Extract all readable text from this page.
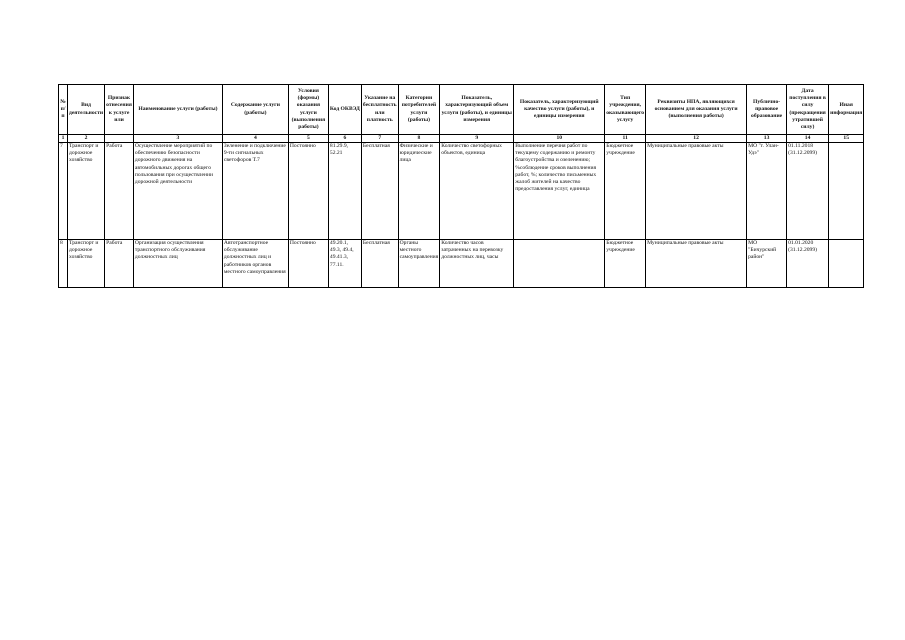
№ п/п	Вид деятельности	Признак отнесения к услуге или	Наименование услуги (работы)	Содержание услуги (работы)	Условия (формы) оказания услуги (выполнения работы)	Код ОКВЭД	Указание на бесплатность или платность	Категории потребителей услуги (работы)	Показатель, характеризующий объем услуги (работы), и единицы измерения	Показатель, характеризующий качество услуги (работы), и единицы измерения	Тип учреждения, оказывающего услугу	Реквизиты НПА, являющихся основанием для оказания услуги (выполнения работы)	Публично-правовое образование	Дата поступления в силу (прекращения утратившей силу)	Иная информация
1	2		3	4	5	6	7	8	9	10	11	12	13	14	15
7	Транспорт и дорожное хозяйство	Работа	Осуществление мероприятий по обеспечению безопасности дорожного движения на автомобильных дорогах общего пользования при осуществлении дорожной деятельности	Зеленение и подключение 9-ти сигнальных светофоров Т.7	Постоянно	81.29.9, 52.21	Бесплатная	Физические и юридические лица	Количество светофорных объектов, единица	Выполнение перечня работ по текущему содержанию и ремонту благоустройства и озеленению; %соблюдение сроков выполнения работ, %; количество письменных жалоб жителей на качество предоставления услуг, единица	Бюджетное учреждение	Муниципальные правовые акты	МО "г. Улан-Удэ"	01.11.2018 (31.12.2099)	
8	Транспорт и дорожное хозяйство	Работа	Организация осуществления транспортного обслуживания должностных лиц	Автотранспортное обслуживание должностных лиц и работников органов местного самоуправления	Постоянно	49.20.1, 49.3, 49.4, 49.41.3, 77.11.	Бесплатная	Органы местного самоуправления	Количество часов затраченных на перевозку должностных лиц, часы		Бюджетное учреждение	Муниципальные правовые акты	МО "Бичурский район"	01.01.2020 (31.12.2099)	
